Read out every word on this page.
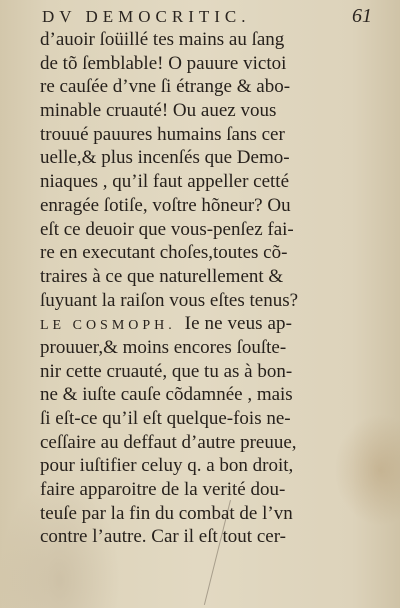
DV DEMOCRITIC.	61
d’auoir ſoüillé tes mains au ſang
de tõ ſemblable! O pauure victoi
re cauſée d’vne ſi étrange & abo-
minable cruauté! Ou auez vous
trouué pauures humains ſans cer
uelle,& plus incenſés que Demo-
niaques , qu’il faut appeller cetté
enragée ſotiſe, voſtre hõneur? Ou
eſt ce deuoir que vous-penſez fai-
re en executant choſes,toutes cõ-
traires à ce que naturellement &
ſuyuant la raiſon vous eſtes tenus?
LE COSMOPH. Ie ne veus ap-
prouuer,& moins encores ſouſte-
nir cette cruauté, que tu as à bon-
ne & iuſte cauſe cõdamnée , mais
ſi eſt-ce qu’il eſt quelque-fois ne-
ceſſaire au deffaut d’autre preuue,
pour iuſtifier celuy q. a bon droit,
faire apparoitre de la verité dou-
teuſe par la fin du combat de l’vn
contre l’autre. Car il eſt tout cer-
